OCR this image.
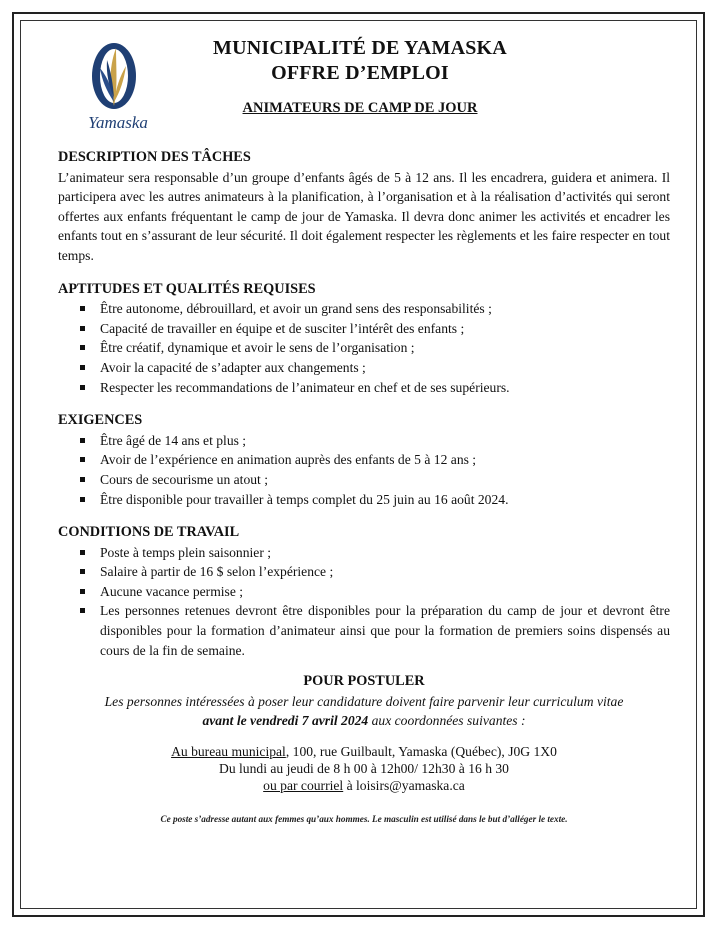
Yamaska
MUNICIPALITÉ DE YAMASKA
OFFRE D’EMPLOI
ANIMATEURS DE CAMP DE JOUR

DESCRIPTION DES TÂCHES

L’animateur sera responsable d’un groupe d’enfants âgés de 5 à 12 ans. Il les encadrera, guidera et animera. Il participera avec les autres animateurs à la planification, à l’organisation et à la réalisation d’activités qui seront offertes aux enfants fréquentant le camp de jour de Yamaska. Il devra donc animer les activités et encadrer les enfants tout en s’assurant de leur sécurité. Il doit également respecter les règlements et les faire respecter en tout temps.

APTITUDES ET QUALITÉS REQUISES

Être autonome, débrouillard, et avoir un grand sens des responsabilités ;
Capacité de travailler en équipe et de susciter l’intérêt des enfants ;
Être créatif, dynamique et avoir le sens de l’organisation ;
Avoir la capacité de s’adapter aux changements ;
Respecter les recommandations de l’animateur en chef et de ses supérieurs.

EXIGENCES

Être âgé de 14 ans et plus ;
Avoir de l’expérience en animation auprès des enfants de 5 à 12 ans ;
Cours de secourisme un atout ;
Être disponible pour travailler à temps complet du 25 juin au 16 août 2024.

CONDITIONS DE TRAVAIL

Poste à temps plein saisonnier ;
Salaire à partir de 16 $ selon l’expérience ;
Aucune vacance permise ;
Les personnes retenues devront être disponibles pour la préparation du camp de jour et devront être disponibles pour la formation d’animateur ainsi que pour la formation de premiers soins dispensés au cours de la fin de semaine.
POUR POSTULER
Les personnes intéressées à poser leur candidature doivent faire parvenir leur curriculum vitae
avant le vendredi 7 avril 2024 aux coordonnées suivantes :
Au bureau municipal, 100, rue Guilbault, Yamaska (Québec), J0G 1X0
Du lundi au jeudi de 8 h 00 à 12h00/ 12h30 à 16 h 30
ou par courriel à loisirs@yamaska.ca
Ce poste s’adresse autant aux femmes qu’aux hommes. Le masculin est utilisé dans le but d’alléger le texte.
